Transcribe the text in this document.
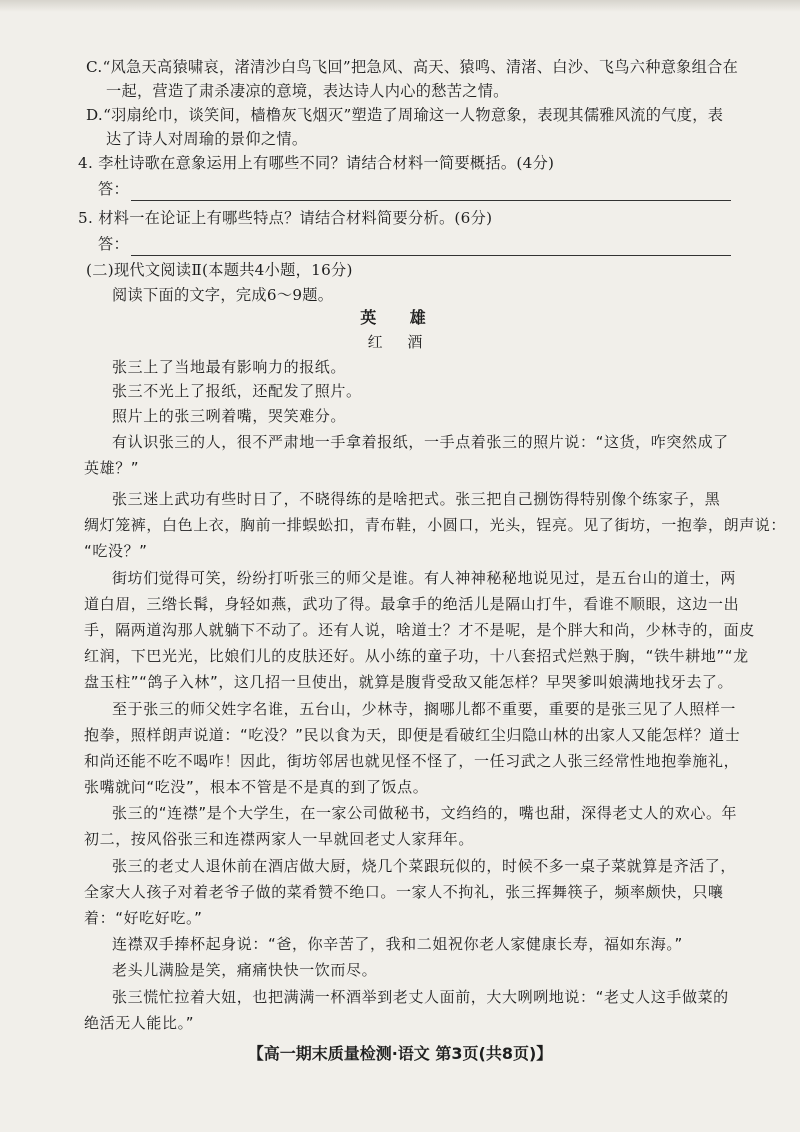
C.“风急天高猿啸哀，渚清沙白鸟飞回”把急风、高天、猿鸣、清渚、白沙、飞鸟六种意象组合在

一起，营造了肃杀凄凉的意境，表达诗人内心的愁苦之情。

D.“羽扇纶巾，谈笑间，樯橹灰飞烟灭”塑造了周瑜这一人物意象，表现其儒雅风流的气度，表

达了诗人对周瑜的景仰之情。

4. 李杜诗歌在意象运用上有哪些不同？请结合材料一简要概括。(4分)

答：

5. 材料一在论证上有哪些特点？请结合材料简要分析。(6分)

答：

(二)现代文阅读Ⅱ(本题共4小题，16分)

阅读下面的文字，完成6～9题。

英 雄

红 酒

张三上了当地最有影响力的报纸。

张三不光上了报纸，还配发了照片。

照片上的张三咧着嘴，哭笑难分。

有认识张三的人，很不严肃地一手拿着报纸，一手点着张三的照片说：“这货，咋突然成了

英雄？”

张三迷上武功有些时日了，不晓得练的是啥把式。张三把自己捌饬得特别像个练家子，黑

绸灯笼裤，白色上衣，胸前一排蜈蚣扣，青布鞋，小圆口，光头，锃亮。见了街坊，一抱拳，朗声说：

“吃没？”

街坊们觉得可笑，纷纷打听张三的师父是谁。有人神神秘秘地说见过，是五台山的道士，两

道白眉，三绺长髯，身轻如燕，武功了得。最拿手的绝活儿是隔山打牛，看谁不顺眼，这边一出

手，隔两道沟那人就躺下不动了。还有人说，啥道士？才不是呢，是个胖大和尚，少林寺的，面皮

红润，下巴光光，比娘们儿的皮肤还好。从小练的童子功，十八套招式烂熟于胸，“铁牛耕地”“龙

盘玉柱”“鸽子入林”，这几招一旦使出，就算是腹背受敌又能怎样？早哭爹叫娘满地找牙去了。

至于张三的师父姓字名谁，五台山，少林寺，搁哪儿都不重要，重要的是张三见了人照样一

抱拳，照样朗声说道：“吃没？”民以食为天，即便是看破红尘归隐山林的出家人又能怎样？道士

和尚还能不吃不喝咋！因此，街坊邻居也就见怪不怪了，一任习武之人张三经常性地抱拳施礼，

张嘴就问“吃没”，根本不管是不是真的到了饭点。

张三的“连襟”是个大学生，在一家公司做秘书，文绉绉的，嘴也甜，深得老丈人的欢心。年

初二，按风俗张三和连襟两家人一早就回老丈人家拜年。

张三的老丈人退休前在酒店做大厨，烧几个菜跟玩似的，时候不多一桌子菜就算是齐活了，

全家大人孩子对着老爷子做的菜肴赞不绝口。一家人不拘礼，张三挥舞筷子，频率颇快，只嚷

着：“好吃好吃。”

连襟双手捧杯起身说：“爸，你辛苦了，我和二姐祝你老人家健康长寿，福如东海。”

老头儿满脸是笑，痛痛快快一饮而尽。

张三慌忙拉着大妞，也把满满一杯酒举到老丈人面前，大大咧咧地说：“老丈人这手做菜的

绝活无人能比。”

【高一期末质量检测·语文 第3页(共8页)】
